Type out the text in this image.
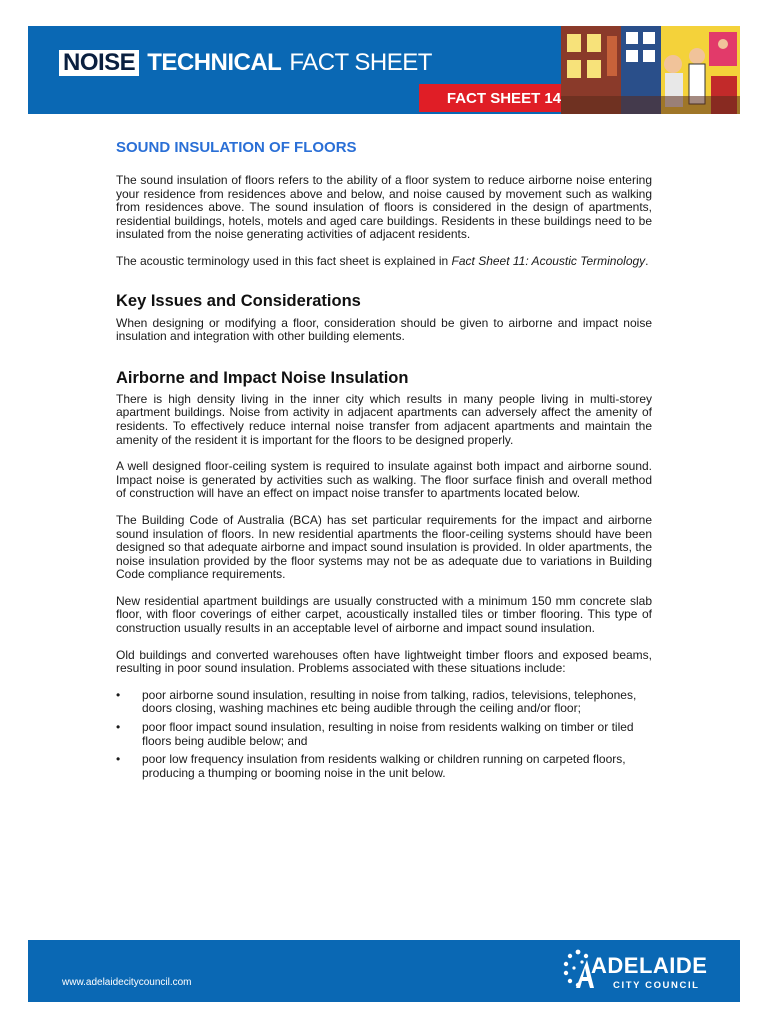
NOISE TECHNICAL FACT SHEET
FACT SHEET 14
SOUND INSULATION OF FLOORS

The sound insulation of floors refers to the ability of a floor system to reduce airborne noise entering your residence from residences above and below, and noise caused by movement such as walking from residences above. The sound insulation of floors is considered in the design of apartments, residential buildings, hotels, motels and aged care buildings. Residents in these buildings need to be insulated from the noise generating activities of adjacent residents.

The acoustic terminology used in this fact sheet is explained in Fact Sheet 11: Acoustic Terminology.

Key Issues and Considerations

When designing or modifying a floor, consideration should be given to airborne and impact noise insulation and integration with other building elements.

Airborne and Impact Noise Insulation

There is high density living in the inner city which results in many people living in multi-storey apartment buildings. Noise from activity in adjacent apartments can adversely affect the amenity of residents. To effectively reduce internal noise transfer from adjacent apartments and maintain the amenity of the resident it is important for the floors to be designed properly.

A well designed floor-ceiling system is required to insulate against both impact and airborne sound. Impact noise is generated by activities such as walking. The floor surface finish and overall method of construction will have an effect on impact noise transfer to apartments located below.

The Building Code of Australia (BCA) has set particular requirements for the impact and airborne sound insulation of floors. In new residential apartments the floor-ceiling systems should have been designed so that adequate airborne and impact sound insulation is provided. In older apartments, the noise insulation provided by the floor systems may not be as adequate due to variations in Building Code compliance requirements.

New residential apartment buildings are usually constructed with a minimum 150 mm concrete slab floor, with floor coverings of either carpet, acoustically installed tiles or timber flooring. This type of construction usually results in an acceptable level of airborne and impact sound insulation.

Old buildings and converted warehouses often have lightweight timber floors and exposed beams, resulting in poor sound insulation. Problems associated with these situations include:

•	poor airborne sound insulation, resulting in noise from talking, radios, televisions, telephones, doors closing, washing machines etc being audible through the ceiling and/or floor;
•	poor floor impact sound insulation, resulting in noise from residents walking on timber or tiled floors being audible below; and
•	poor low frequency insulation from residents walking or children running on carpeted floors, producing a thumping or booming noise in the unit below.
www.adelaidecitycouncil.com
ADELAIDE
CITY COUNCIL
